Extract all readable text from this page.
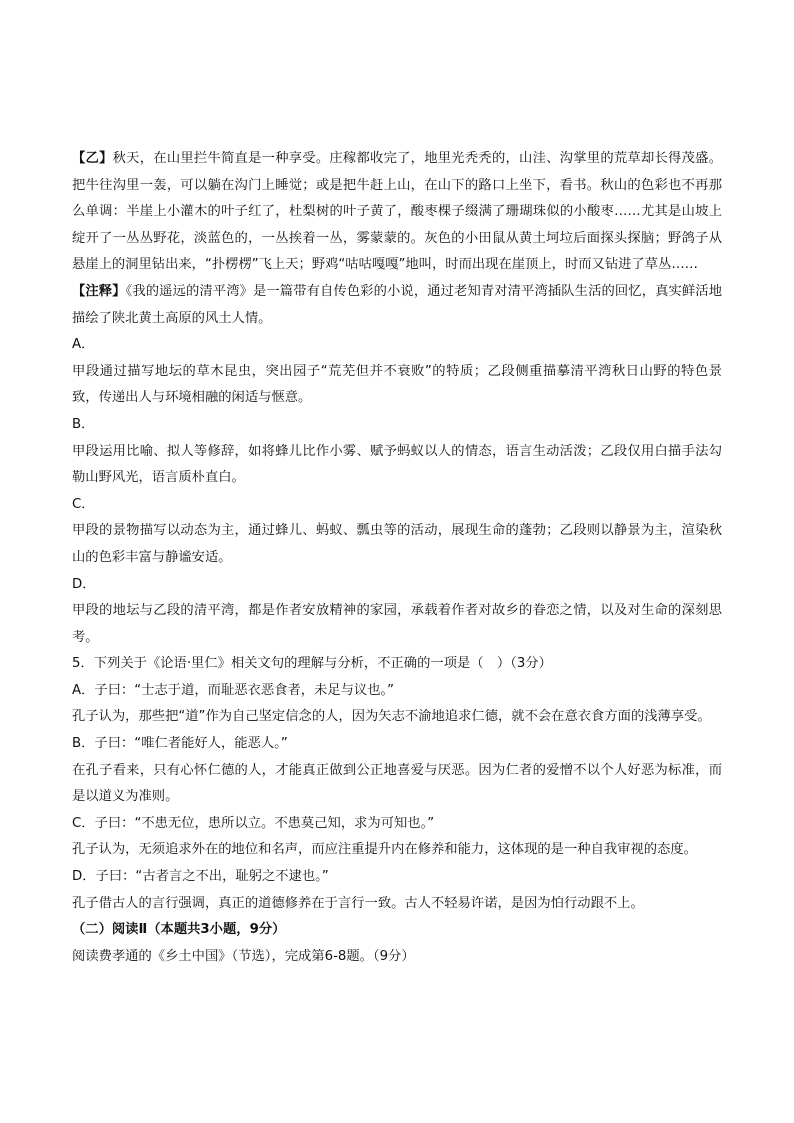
【乙】秋天，在山里拦牛简直是一种享受。庄稼都收完了，地里光秃秃的，山洼、沟掌里的荒草却长得茂盛。把牛往沟里一轰，可以躺在沟门上睡觉；或是把牛赶上山，在山下的路口上坐下，看书。秋山的色彩也不再那么单调：半崖上小灌木的叶子红了，杜梨树的叶子黄了，酸枣棵子缀满了珊瑚珠似的小酸枣……尤其是山坡上绽开了一丛丛野花，淡蓝色的，一丛挨着一丛，雾蒙蒙的。灰色的小田鼠从黄土坷垃后面探头探脑；野鸽子从悬崖上的洞里钻出来，“扑楞楞”飞上天；野鸡“咕咕嘎嘎”地叫，时而出现在崖顶上，时而又钻进了草丛……

【注释】《我的遥远的清平湾》是一篇带有自传色彩的小说，通过老知青对清平湾插队生活的回忆，真实鲜活地描绘了陕北黄土高原的风土人情。

A．

甲段通过描写地坛的草木昆虫，突出园子“荒芜但并不衰败”的特质；乙段侧重描摹清平湾秋日山野的特色景致，传递出人与环境相融的闲适与惬意。

B．

甲段运用比喻、拟人等修辞，如将蜂儿比作小雾、赋予蚂蚁以人的情态，语言生动活泼；乙段仅用白描手法勾勒山野风光，语言质朴直白。

C．

甲段的景物描写以动态为主，通过蜂儿、蚂蚁、瓢虫等的活动，展现生命的蓬勃；乙段则以静景为主，渲染秋山的色彩丰富与静谧安适。

D．

甲段的地坛与乙段的清平湾，都是作者安放精神的家园，承载着作者对故乡的眷恋之情，以及对生命的深刻思考。

5．下列关于《论语·里仁》相关文句的理解与分析，不正确的一项是（　）（3分）

A．子曰：“士志于道，而耻恶衣恶食者，未足与议也。”

孔子认为，那些把“道”作为自己坚定信念的人，因为矢志不渝地追求仁德，就不会在意衣食方面的浅薄享受。

B．子曰：“唯仁者能好人，能恶人。”

在孔子看来，只有心怀仁德的人，才能真正做到公正地喜爱与厌恶。因为仁者的爱憎不以个人好恶为标准，而是以道义为准则。

C．子曰：“不患无位，患所以立。不患莫己知，求为可知也。”

孔子认为，无须追求外在的地位和名声，而应注重提升内在修养和能力，这体现的是一种自我审视的态度。

D．子曰：“古者言之不出，耻躬之不逮也。”

孔子借古人的言行强调，真正的道德修养在于言行一致。古人不轻易许诺，是因为怕行动跟不上。

（二）阅读Ⅱ（本题共3小题，9分）

阅读费孝通的《乡土中国》（节选），完成第6-8题。（9分）
